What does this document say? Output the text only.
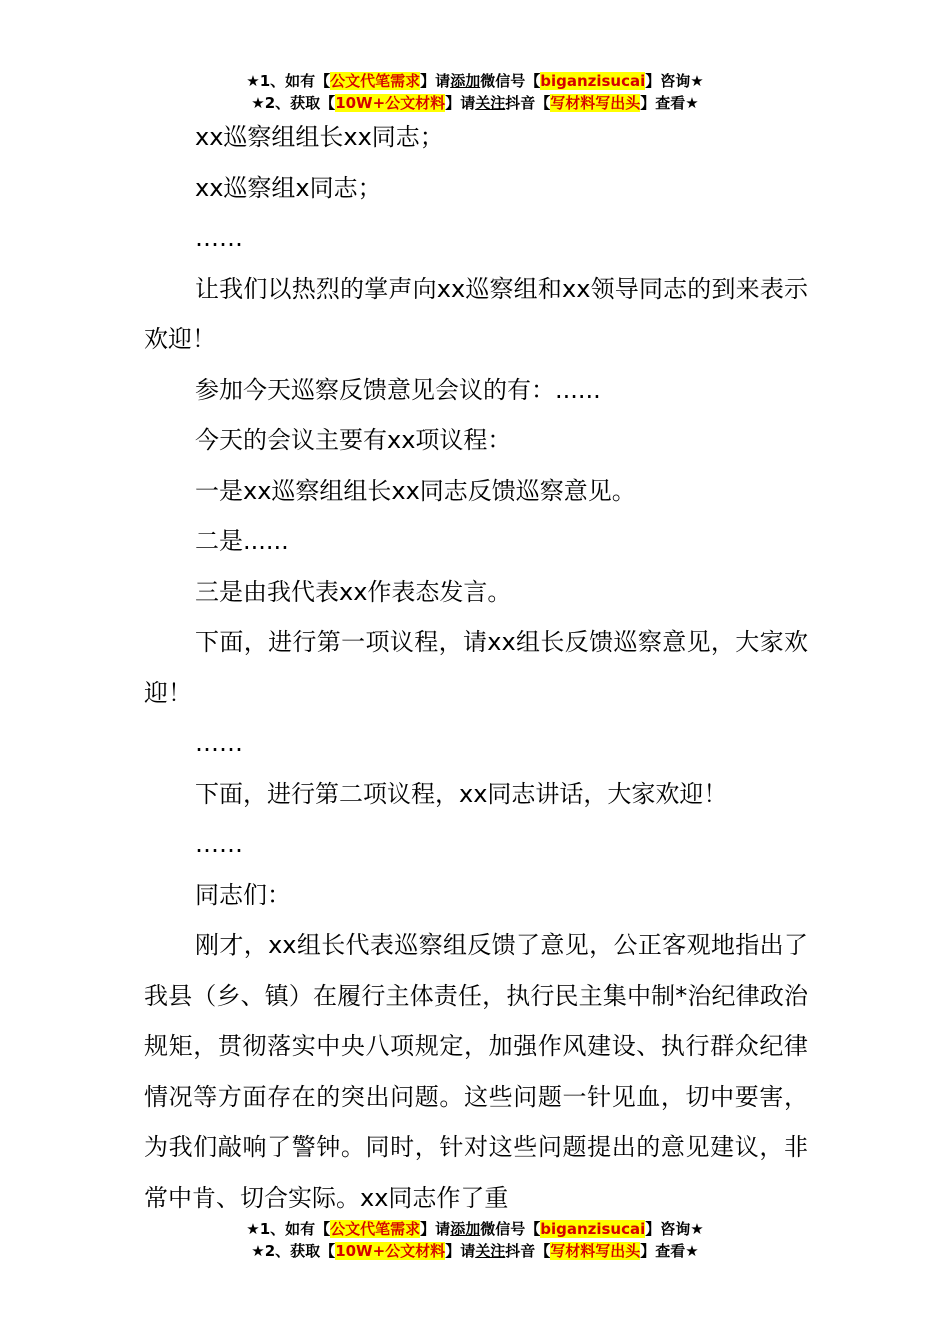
★1、如有【公文代笔需求】请添加微信号【biganzisucai】咨询★
★2、获取【10W+公文材料】请关注抖音【写材料写出头】查看★

xx巡察组组长xx同志；

xx巡察组x同志；

……

让我们以热烈的掌声向xx巡察组和xx领导同志的到来表示欢迎！

参加今天巡察反馈意见会议的有：......

今天的会议主要有xx项议程：

一是xx巡察组组长xx同志反馈巡察意见。

二是......

三是由我代表xx作表态发言。

下面，进行第一项议程，请xx组长反馈巡察意见，大家欢迎！

……

下面，进行第二项议程，xx同志讲话，大家欢迎！

……

同志们：

刚才，xx组长代表巡察组反馈了意见，公正客观地指出了我县（乡、镇）在履行主体责任，执行民主集中制*治纪律政治规矩，贯彻落实中央八项规定，加强作风建设、执行群众纪律情况等方面存在的突出问题。这些问题一针见血，切中要害，为我们敲响了警钟。同时，针对这些问题提出的意见建议，非常中肯、切合实际。xx同志作了重

★1、如有【公文代笔需求】请添加微信号【biganzisucai】咨询★
★2、获取【10W+公文材料】请关注抖音【写材料写出头】查看★
